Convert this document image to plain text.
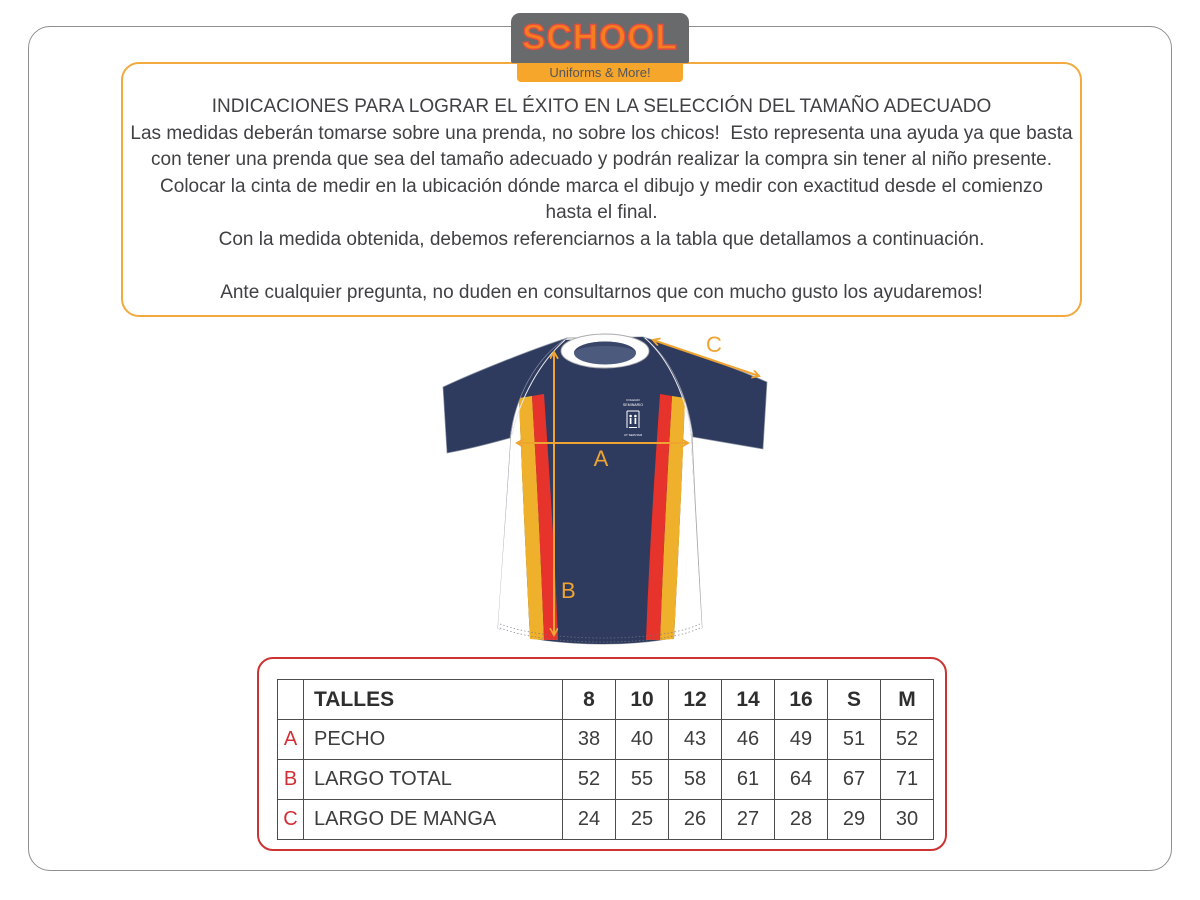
SCHOOL
Uniforms & More!
INDICACIONES PARA LOGRAR EL ÉXITO EN LA SELECCIÓN DEL TAMAÑO ADECUADO
Las medidas deberán tomarse sobre una prenda, no sobre los chicos!  Esto representa una ayuda ya que basta
con tener una prenda que sea del tamaño adecuado y podrán realizar la compra sin tener al niño presente.
Colocar la cinta de medir en la ubicación dónde marca el dibujo y medir con exactitud desde el comienzo
hasta el final.
Con la medida obtenida, debemos referenciarnos a la tabla que detallamos a continuación.
Ante cualquier pregunta, no duden en consultarnos que con mucho gusto los ayudaremos!
COLEGIO
SEMINARIO
UT SERVIAM
A
B
C
	TALLES	8	10	12	14	16	S	M
A	PECHO	38	40	43	46	49	51	52
B	LARGO TOTAL	52	55	58	61	64	67	71
C	LARGO DE MANGA	24	25	26	27	28	29	30
